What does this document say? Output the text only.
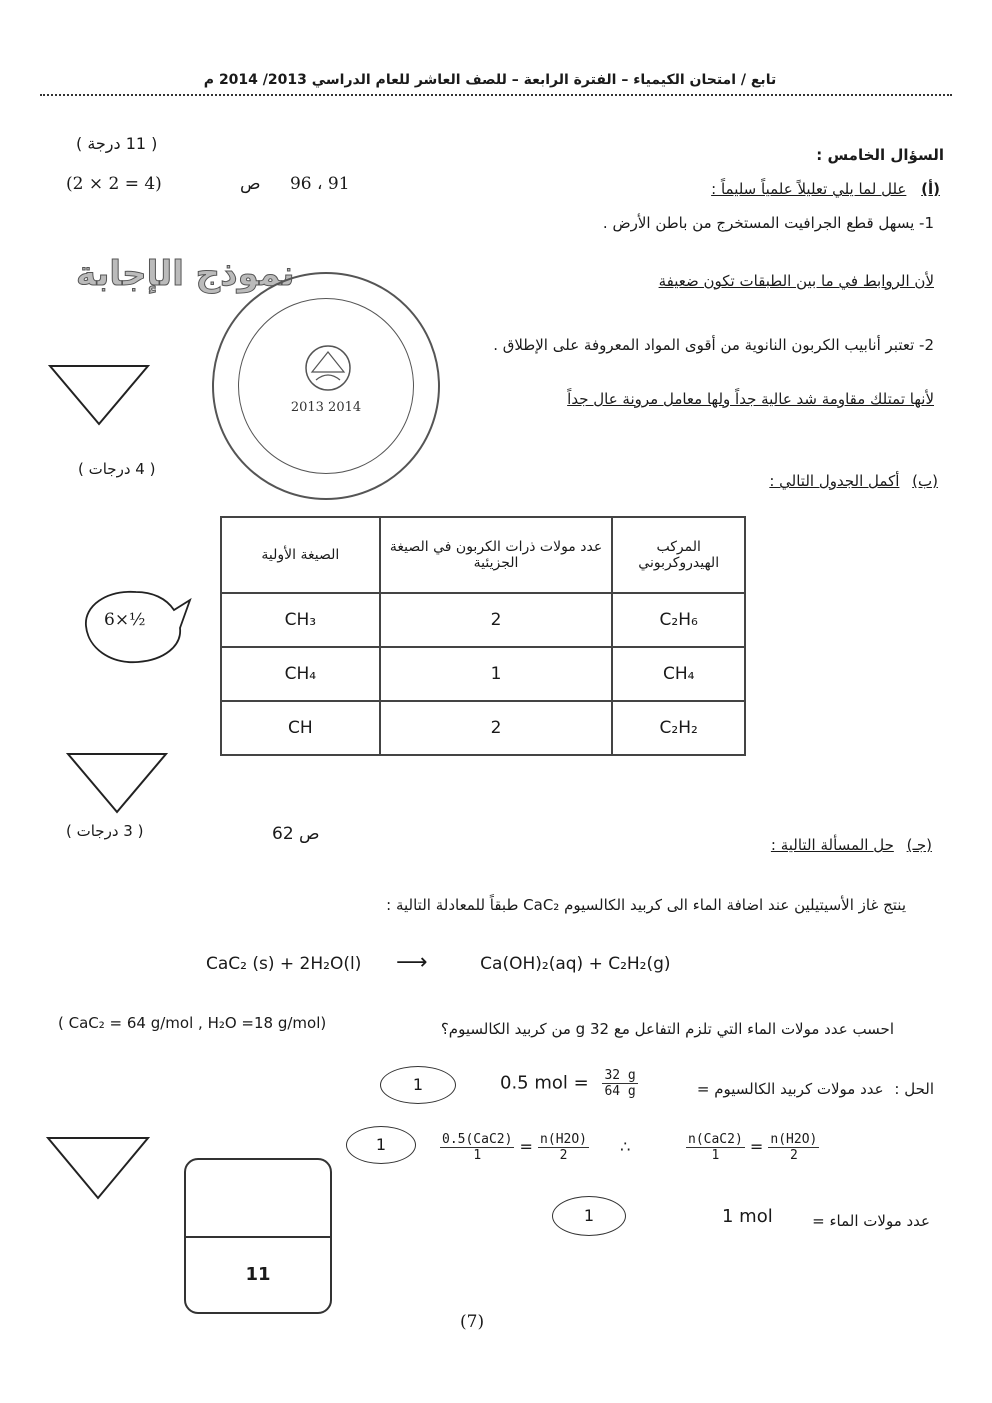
تابع / امتحان الكيمياء – الفترة الرابعة – للصف العاشر للعام الدراسي 2013/ 2014 م
السؤال الخامس :
( 11 درجة )
(2 × 2 = 4)	91 ، 96 ص	(أ) علل لما يلي تعليلاً علمياً سليماً :
1- يسهل قطع الجرافيت المستخرج من باطن الأرض .
نموذج الإجابة	لأن الروابط في ما بين الطبقات تكون ضعيفة
2013 2014
2- تعتبر أنابيب الكربون النانوية من أقوى المواد المعروفة على الإطلاق .
لأنها تمتلك مقاومة شد عالية جداً ولها معامل مرونة عال جداً
( 4 درجات )
(ب) أكمل الجدول التالي :
المركب الهيدروكربوني	عدد مولات ذرات الكربون في الصيغة الجزيئية	الصيغة الأولية
C₂H₆	2	CH₃
CH₄	1	CH₄
C₂H₂	2	CH
6×½
( 3 درجات )	ص 62
(جـ) حل المسألة التالية :
ينتج غاز الأسيتيلين عند اضافة الماء الى كربيد الكالسيوم CaC₂ طبقاً للمعادلة التالية :
CaC₂ (s) + 2H₂O(l) ⟶	Ca(OH)₂(aq) + C₂H₂(g)
احسب عدد مولات الماء التي تلزم التفاعل مع 32 g من كربيد الكالسيوم؟
( CaC₂ = 64 g/mol , H₂O =18 g/mol)
الحل : عدد مولات كربيد الكالسيوم =
0.5 mol = $\frac{32 g}{64 g}$
1
$\frac{\text{0.5(CaC2)}}{1} = \frac{n(H2O)}{2}$ ∴	$\frac{\text{n(CaC2)}}{1} = \frac{n(H2O)}{2}$
1
11
1	1 mol	عدد مولات الماء =
(7)
